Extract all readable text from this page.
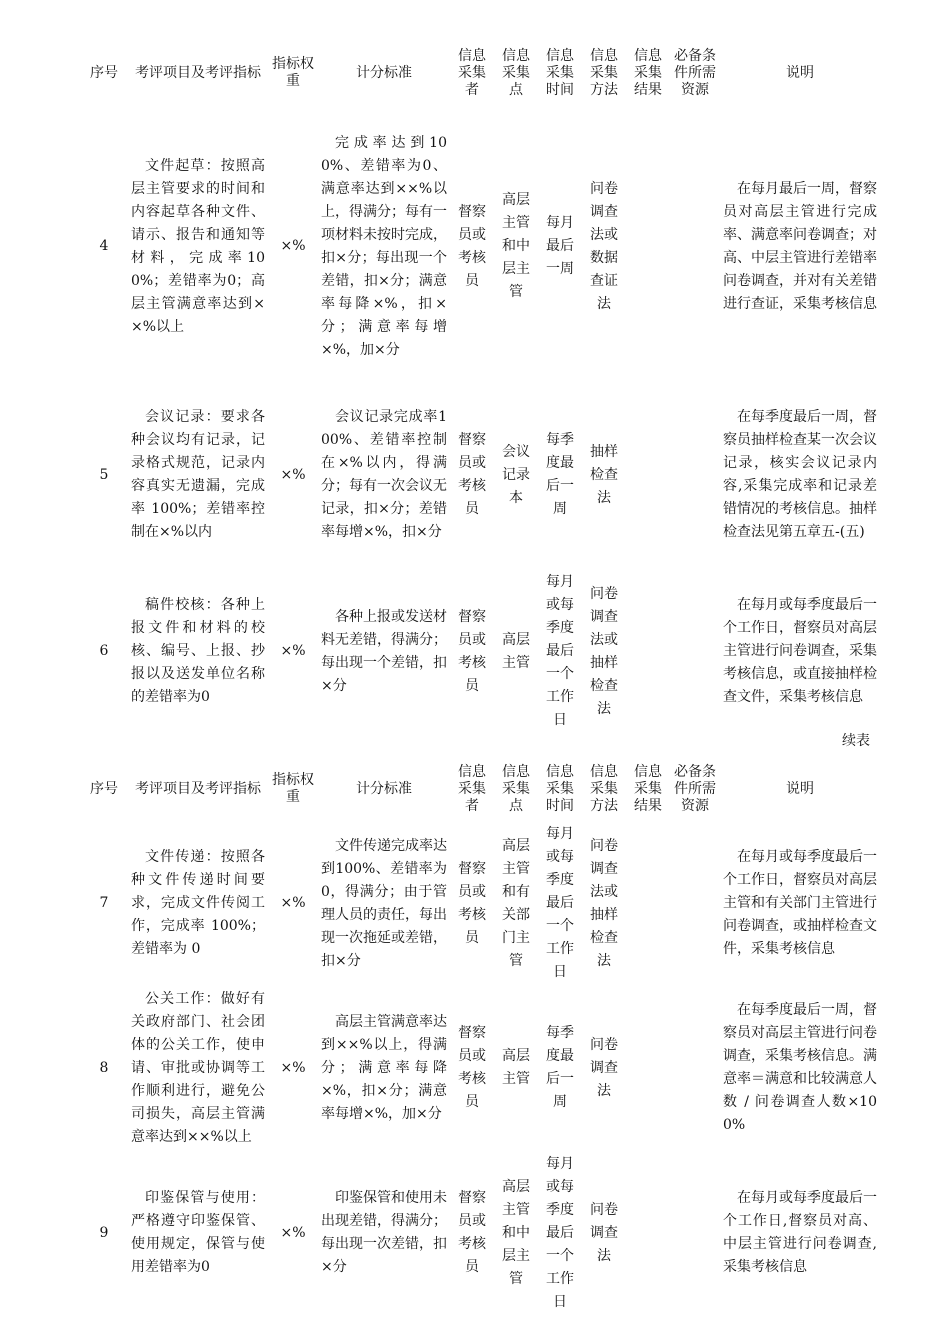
序号	考评项目及考评指标	指标权重	计分标准	信息采集者	信息采集点	信息采集时间	信息采集方法	信息采集结果	必备条件所需资源	说明
4	文件起草：按照高层主管要求的时间和内容起草各种文件、请示、报告和通知等材料，完成率100%；差错率为0；高层主管满意率达到××%以上	×%	完成率达到100%、差错率为0、满意率达到××%以上，得满分；每有一项材料未按时完成，扣×分；每出现一个差错，扣×分；满意率每降×%，扣×分；满意率每增×%，加×分	督察员或考核员	高层主管和中层主管	每月最后一周	问卷调查法或数据查证法			在每月最后一周，督察员对高层主管进行完成率、满意率问卷调查；对高、中层主管进行差错率问卷调查，并对有关差错进行查证，采集考核信息
5	会议记录：要求各种会议均有记录，记录格式规范，记录内容真实无遗漏，完成率 100%；差错率控制在×%以内	×%	会议记录完成率100%、差错率控制在×%以内，得满分；每有一次会议无记录，扣×分；差错率每增×%，扣×分	督察员或考核员	会议记录本	每季度最后一周	抽样检查法			在每季度最后一周，督察员抽样检查某一次会议记录，核实会议记录内容,采集完成率和记录差错情况的考核信息。抽样检查法见第五章五-(五)
6	稿件校核：各种上报文件和材料的校核、编号、上报、抄报以及送发单位名称的差错率为0	×%	各种上报或发送材料无差错，得满分；每出现一个差错，扣×分	督察员或考核员	高层主管	每月或每季度最后一个工作日	问卷调查法或抽样检查法			在每月或每季度最后一个工作日，督察员对高层主管进行问卷调查，采集考核信息，或直接抽样检查文件，采集考核信息
续表
序号	考评项目及考评指标	指标权重	计分标准	信息采集者	信息采集点	信息采集时间	信息采集方法	信息采集结果	必备条件所需资源	说明
7	文件传递：按照各种文件传递时间要求，完成文件传阅工作，完成率 100%；差错率为 0	×%	文件传递完成率达到100%、差错率为 0，得满分；由于管理人员的责任，每出现一次拖延或差错，扣×分	督察员或考核员	高层主管和有关部门主管	每月或每季度最后一个工作日	问卷调查法或抽样检查法			在每月或每季度最后一个工作日，督察员对高层主管和有关部门主管进行问卷调查，或抽样检查文件，采集考核信息
8	公关工作：做好有关政府部门、社会团体的公关工作，使申请、审批或协调等工作顺利进行，避免公司损失，高层主管满意率达到××%以上	×%	高层主管满意率达到××%以上，得满分；满意率每降×%，扣×分；满意率每增×%，加×分	督察员或考核员	高层主管	每季度最后一周	问卷调查法			在每季度最后一周，督察员对高层主管进行问卷调查，采集考核信息。满意率＝满意和比较满意人数 / 问卷调查人数×100%
9	印鉴保管与使用：严格遵守印鉴保管、使用规定，保管与使用差错率为0	×%	印鉴保管和使用未出现差错，得满分；每出现一次差错，扣×分	督察员或考核员	高层主管和中层主管	每月或每季度最后一个工作日	问卷调查法			在每月或每季度最后一个工作日,督察员对高、中层主管进行问卷调查,采集考核信息
